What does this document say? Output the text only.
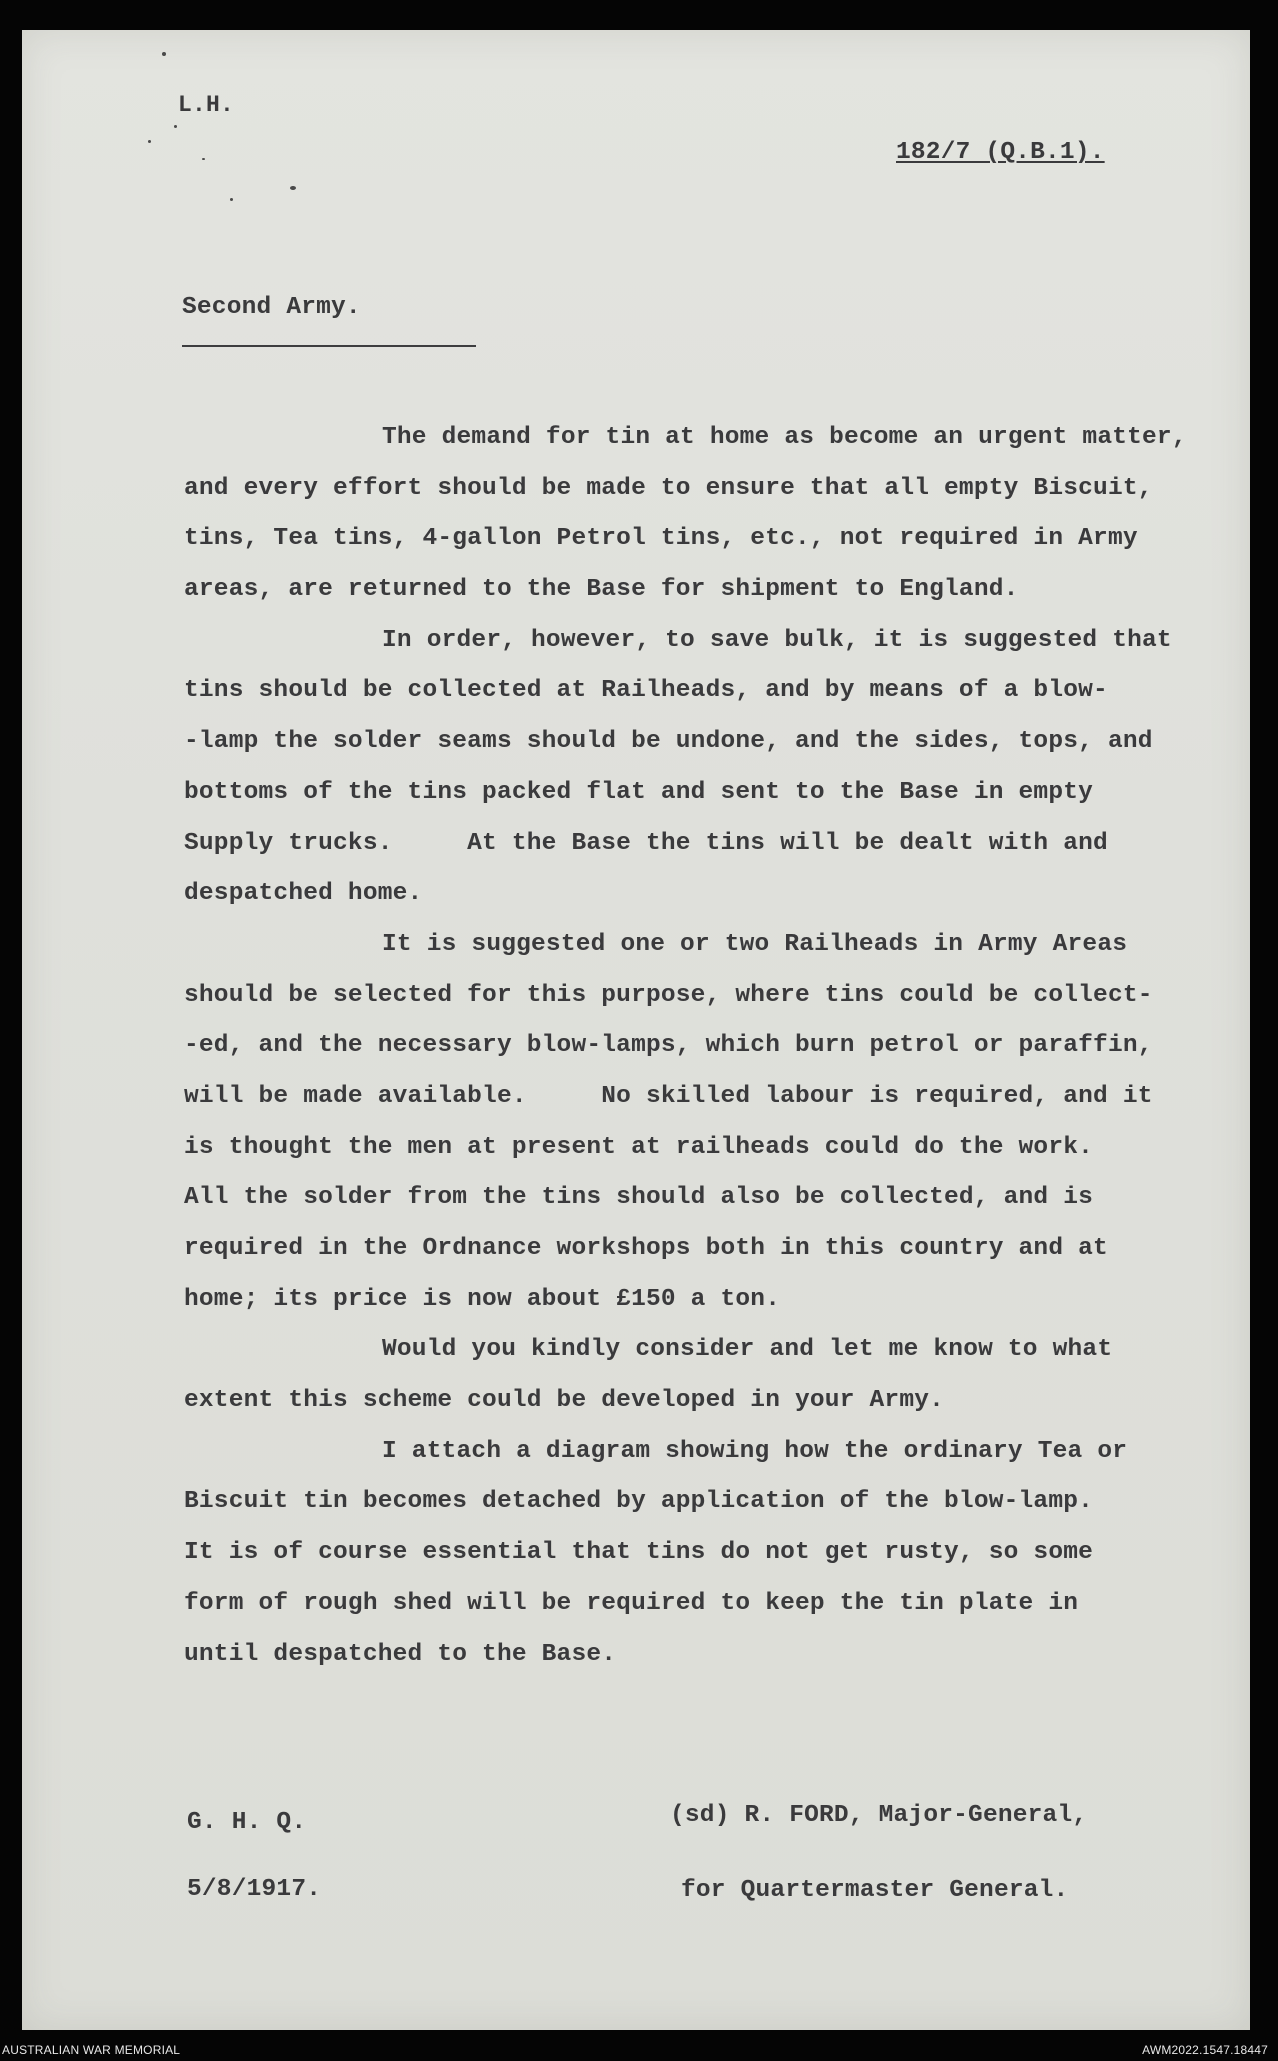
L.H.
182/7 (Q.B.1).
Second Army.
The demand for tin at home as become an urgent matter,
and every effort should be made to ensure that all empty Biscuit,
tins, Tea tins, 4-gallon Petrol tins, etc., not required in Army
areas, are returned to the Base for shipment to England.
In order, however, to save bulk, it is suggested that
tins should be collected at Railheads, and by means of a blow-
-lamp the solder seams should be undone, and the sides, tops, and
bottoms of the tins packed flat and sent to the Base in empty
Supply trucks.     At the Base the tins will be dealt with and
despatched home.
It is suggested one or two Railheads in Army Areas
should be selected for this purpose, where tins could be collect-
-ed, and the necessary blow-lamps, which burn petrol or paraffin,
will be made available.     No skilled labour is required, and it
is thought the men at present at railheads could do the work.
All the solder from the tins should also be collected, and is
required in the Ordnance workshops both in this country and at
home; its price is now about £150 a ton.
Would you kindly consider and let me know to what
extent this scheme could be developed in your Army.
I attach a diagram showing how the ordinary Tea or
Biscuit tin becomes detached by application of the blow-lamp.
It is of course essential that tins do not get rusty, so some
form of rough shed will be required to keep the tin plate in
until despatched to the Base.
(sd) R. FORD, Major-General,
G. H. Q.
5/8/1917.	for Quartermaster General.
AUSTRALIAN WAR MEMORIAL	AWM2022.1547.18447
